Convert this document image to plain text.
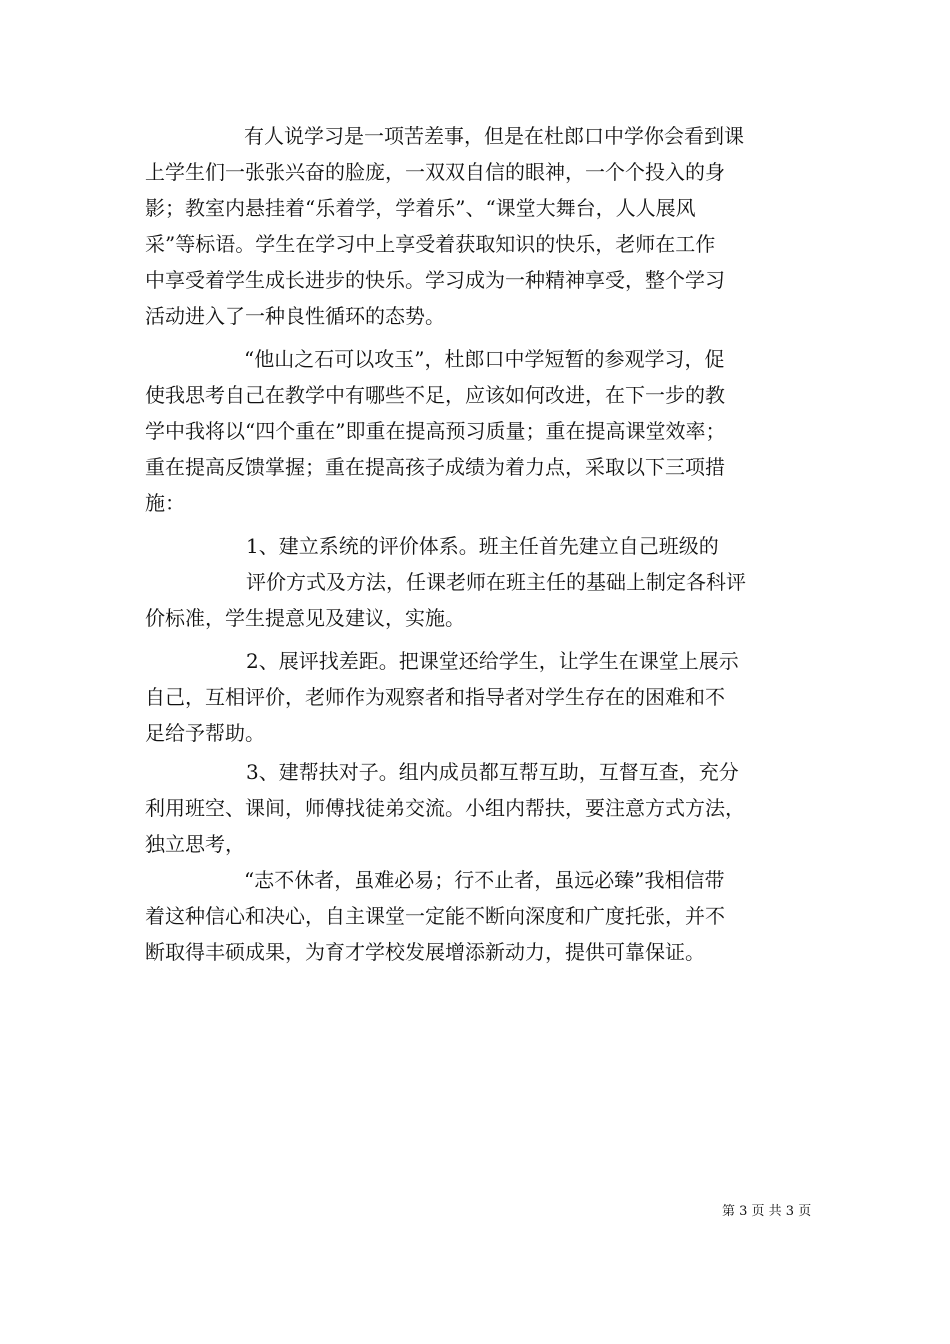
有人说学习是一项苦差事，但是在杜郎口中学你会看到课
上学生们一张张兴奋的脸庞，一双双自信的眼神，一个个投入的身
影；教室内悬挂着“乐着学，学着乐”、“课堂大舞台，人人展风
采”等标语。学生在学习中上享受着获取知识的快乐，老师在工作
中享受着学生成长进步的快乐。学习成为一种精神享受，整个学习
活动进入了一种良性循环的态势。
“他山之石可以攻玉”，杜郎口中学短暂的参观学习，促
使我思考自己在教学中有哪些不足，应该如何改进，在下一步的教
学中我将以“四个重在”即重在提高预习质量；重在提高课堂效率；
重在提高反馈掌握；重在提高孩子成绩为着力点，采取以下三项措
施：
1、建立系统的评价体系。班主任首先建立自己班级的
评价方式及方法，任课老师在班主任的基础上制定各科评
价标准，学生提意见及建议，实施。
2、展评找差距。把课堂还给学生，让学生在课堂上展示
自己，互相评价，老师作为观察者和指导者对学生存在的困难和不
足给予帮助。
3、建帮扶对子。组内成员都互帮互助，互督互查，充分
利用班空、课间，师傅找徒弟交流。小组内帮扶，要注意方式方法，
独立思考，
“志不休者，虽难必易；行不止者，虽远必臻”我相信带
着这种信心和决心，自主课堂一定能不断向深度和广度托张，并不
断取得丰硕成果，为育才学校发展增添新动力，提供可靠保证。
第 3 页 共 3 页
